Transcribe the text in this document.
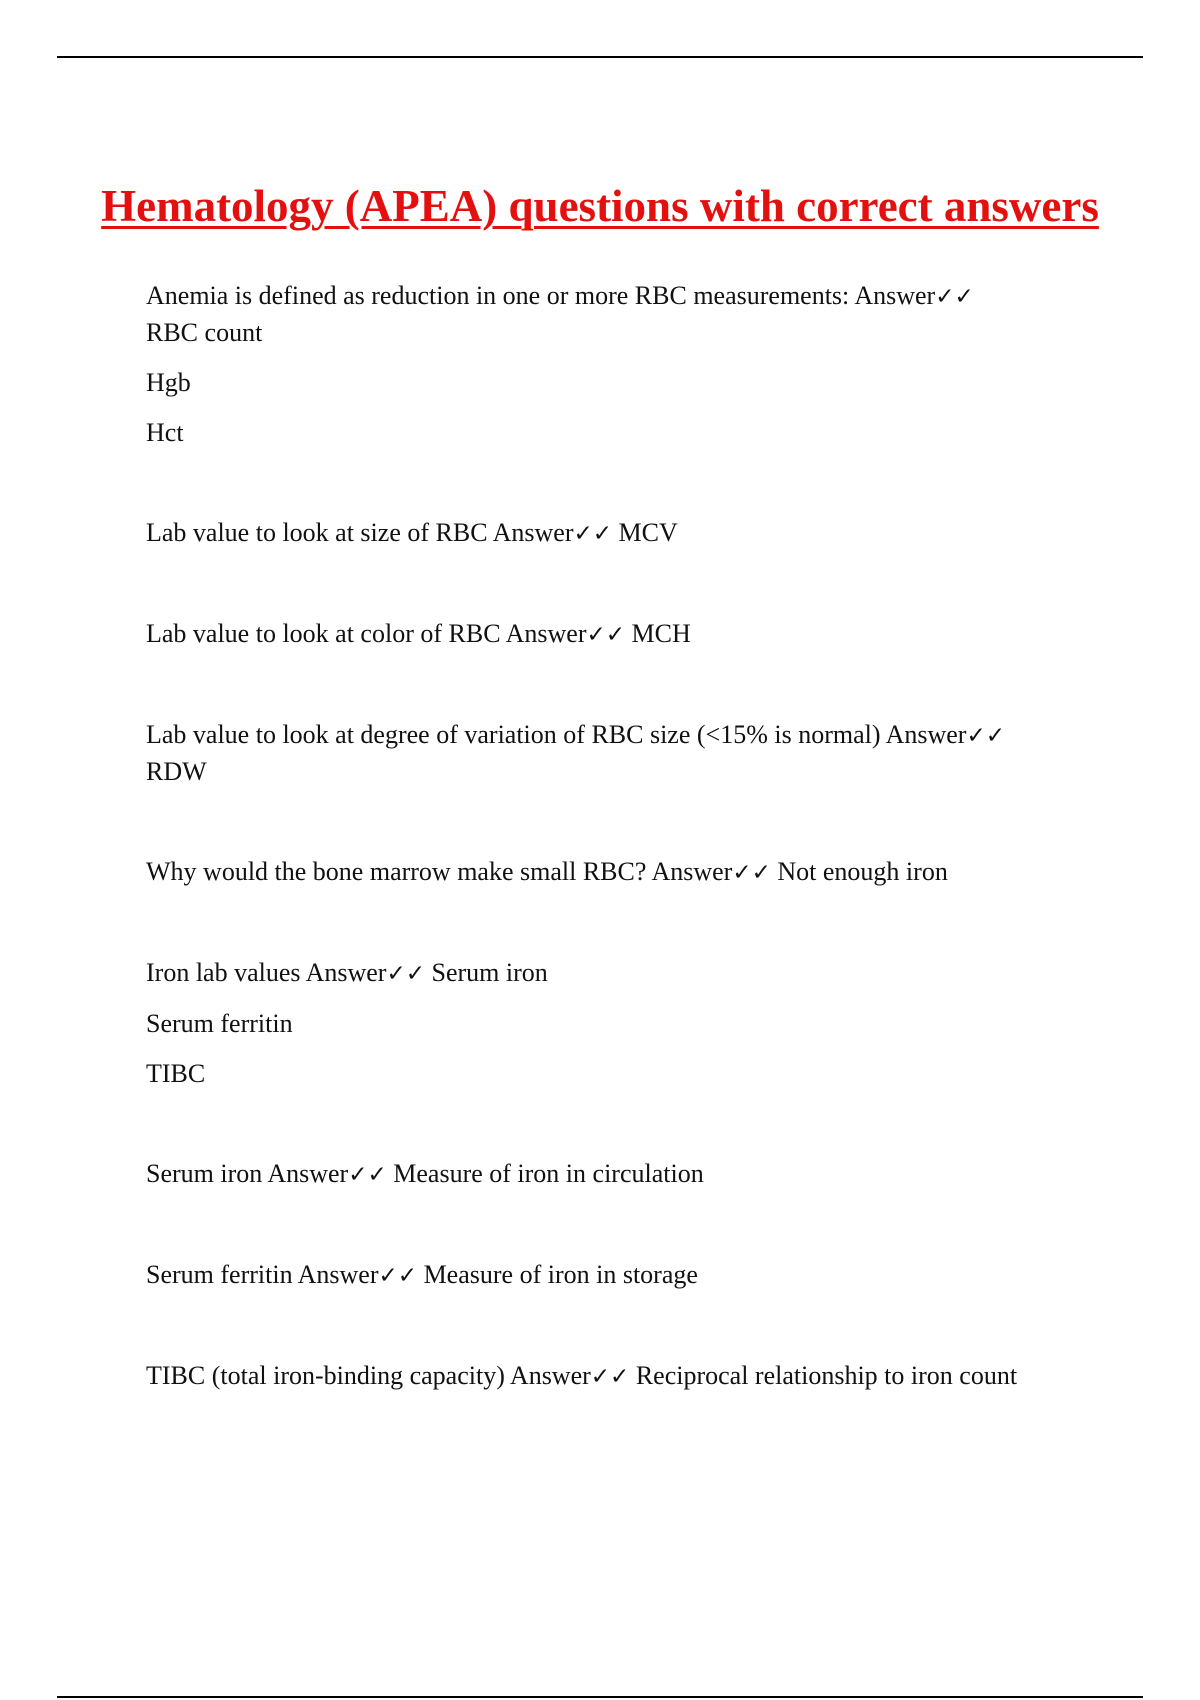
Hematology (APEA) questions with correct answers
Anemia is defined as reduction in one or more RBC measurements: Answer✓✓
RBC count
Hgb
Hct
Lab value to look at size of RBC Answer✓✓ MCV
Lab value to look at color of RBC Answer✓✓ MCH
Lab value to look at degree of variation of RBC size (<15% is normal) Answer✓✓
RDW
Why would the bone marrow make small RBC? Answer✓✓ Not enough iron
Iron lab values Answer✓✓ Serum iron
Serum ferritin
TIBC
Serum iron Answer✓✓ Measure of iron in circulation
Serum ferritin Answer✓✓ Measure of iron in storage
TIBC (total iron-binding capacity) Answer✓✓ Reciprocal relationship to iron count
